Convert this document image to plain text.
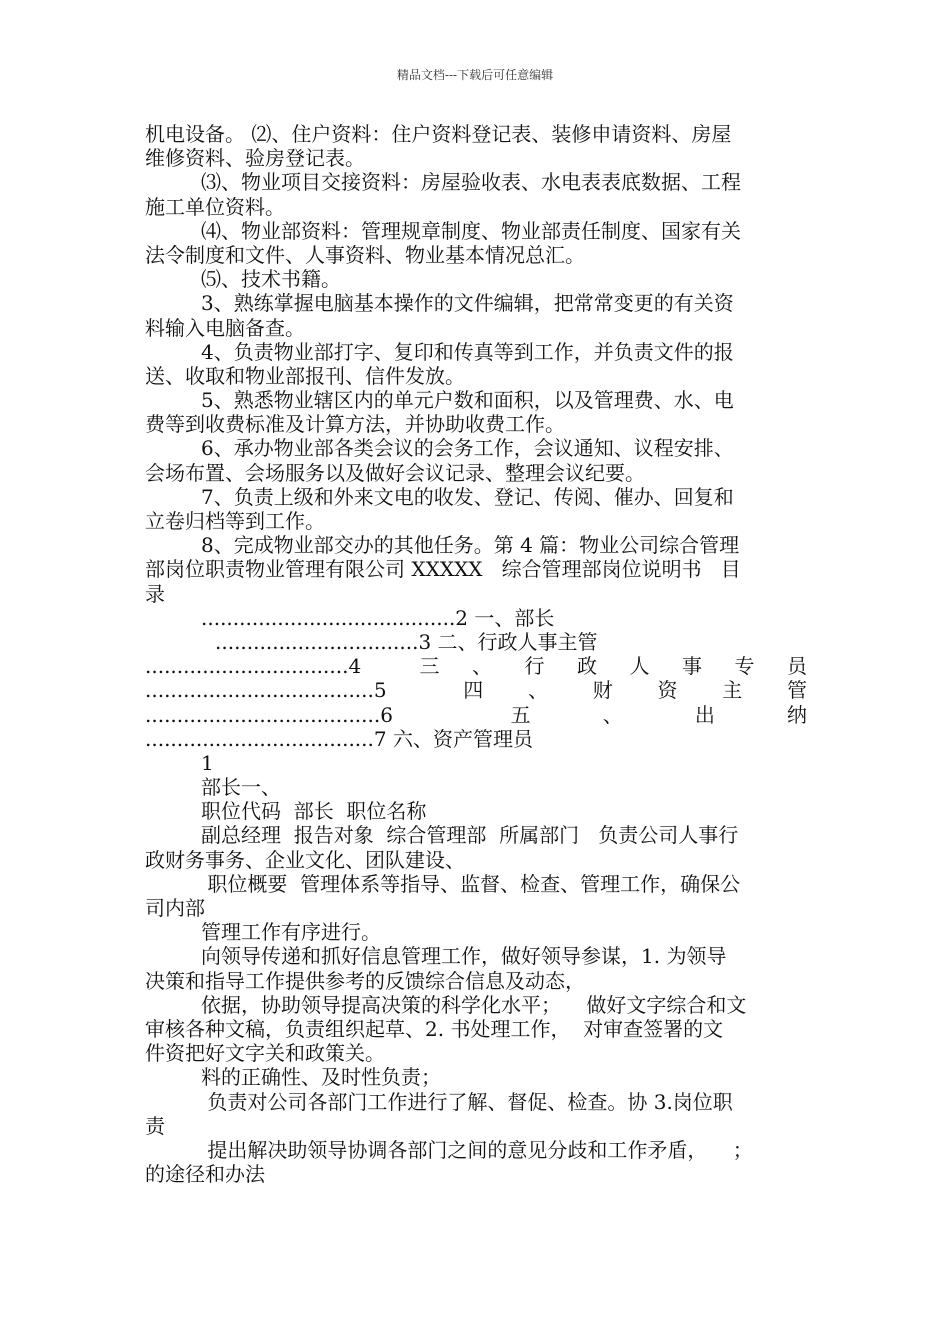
精品文档---下载后可任意编辑
机电设备。 ⑵、住户资料：住户资料登记表、装修申请资料、房屋
维修资料、验房登记表。
⑶、物业项目交接资料：房屋验收表、水电表表底数据、工程
施工单位资料。
⑷、物业部资料：管理规章制度、物业部责任制度、国家有关
法令制度和文件、人事资料、物业基本情况总汇。
⑸、技术书籍。
3、熟练掌握电脑基本操作的文件编辑，把常常变更的有关资
料输入电脑备查。
4、负责物业部打字、复印和传真等到工作，并负责文件的报
送、收取和物业部报刊、信件发放。
5、熟悉物业辖区内的单元户数和面积，以及管理费、水、电
费等到收费标准及计算方法，并协助收费工作。
6、承办物业部各类会议的会务工作，会议通知、议程安排、
会场布置、会场服务以及做好会议记录、整理会议纪要。
7、负责上级和外来文电的收发、登记、传阅、催办、回复和
立卷归档等到工作。
8、完成物业部交办的其他任务。第 4 篇：物业公司综合管理
部岗位职责物业管理有限公司 XXXXX   综合管理部岗位说明书   目
录
........................................2 一、部长
................................3 二、行政人事主管
................................4   三 、 行 政 人 事 专 员
....................................5   四 、 财 资 主 管
.....................................6   五 、 出 纳
....................................7 六、资产管理员
1
部长一、
职位代码  部长  职位名称
副总经理  报告对象  综合管理部  所属部门   负责公司人事行
政财务事务、企业文化、团队建设、
职位概要  管理体系等指导、监督、检查、管理工作，确保公
司内部
管理工作有序进行。
向领导传递和抓好信息管理工作，做好领导参谋，1. 为领导
决策和指导工作提供参考的反馈综合信息及动态，
依据，协助领导提高决策的科学化水平；    做好文字综合和文
审核各种文稿，负责组织起草、2. 书处理工作，  对审查签署的文
件资把好文字关和政策关。
料的正确性、及时性负责；
负责对公司各部门工作进行了解、督促、检查。协 3.岗位职
责
提出解决助领导协调各部门之间的意见分歧和工作矛盾，    ；
的途径和办法
